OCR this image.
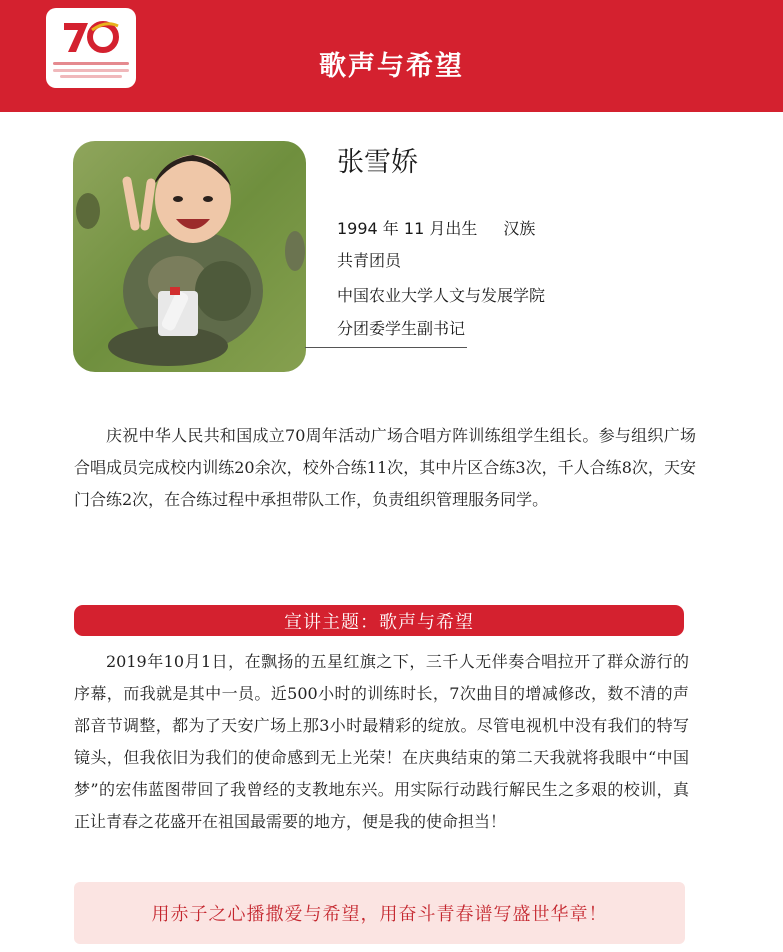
歌声与希望
张雪娇
1994 年 11 月出生 汉族
共青团员
中国农业大学人文与发展学院
分团委学生副书记
庆祝中华人民共和国成立70周年活动广场合唱方阵训练组学生组长。参与组织广场合唱成员完成校内训练20余次，校外合练11次，其中片区合练3次，千人合练8次，天安门合练2次，在合练过程中承担带队工作，负责组织管理服务同学。
宣讲主题：歌声与希望
2019年10月1日，在飘扬的五星红旗之下，三千人无伴奏合唱拉开了群众游行的序幕，而我就是其中一员。近500小时的训练时长，7次曲目的增减修改，数不清的声部音节调整，都为了天安广场上那3小时最精彩的绽放。尽管电视机中没有我们的特写镜头，但我依旧为我们的使命感到无上光荣！在庆典结束的第二天我就将我眼中“中国梦”的宏伟蓝图带回了我曾经的支教地东兴。用实际行动践行解民生之多艰的校训，真正让青春之花盛开在祖国最需要的地方，便是我的使命担当！
用赤子之心播撒爱与希望，用奋斗青春谱写盛世华章！
